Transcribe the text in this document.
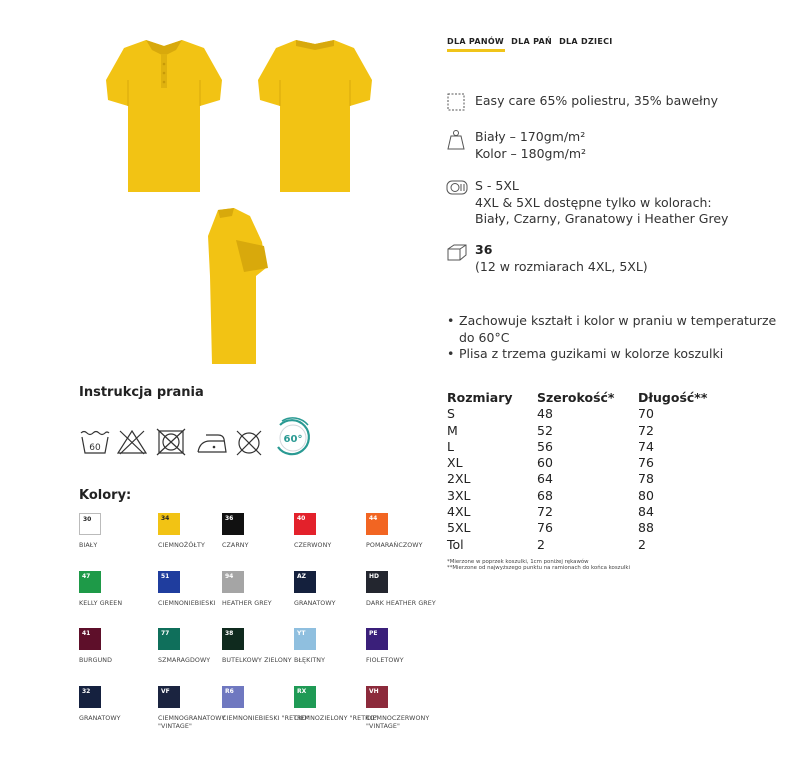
Instrukcja prania
60
60°
Kolory:
30
BIAŁY
34
CIEMNOŻÓŁTY
36
CZARNY
40
CZERWONY
44
POMARAŃCZOWY
47
KELLY GREEN
51
CIEMNONIEBIESKI
94
HEATHER GREY
AZ
GRANATOWY
HD
DARK HEATHER GREY
41
BURGUND
77
SZMARAGDOWY
38
BUTELKOWY ZIELONY
YT
BŁĘKITNY
PE
FIOLETOWY
32
GRANATOWY
VF
CIEMNOGRANATOWY "VINTAGE"
R6
CIEMNONIEBIESKI "RETRO"
RX
CIEMNOZIELONY "RETRO"
VH
CIEMNOCZERWONY "VINTAGE"
DLA PANÓW DLA PAŃ DLA DZIECI
Easy care 65% poliestru, 35% bawełny
Biały – 170gm/m²
Kolor – 180gm/m²
S - 5XL
4XL & 5XL dostępne tylko w kolorach:
Biały, Czarny, Granatowy i Heather Grey
36
(12 w rozmiarach 4XL, 5XL)
• Zachowuje kształt i kolor w praniu w temperaturze do 60°C
• Plisa z trzema guzikami w kolorze koszulki
Rozmiary Szerokość* Długość**
S	48	70
M	52	72
L	56	74
XL	60	76
2XL	64	78
3XL	68	80
4XL	72	84
5XL	76	88
Tol	2	2
*Mierzone w poprzek koszulki, 1cm poniżej rękawów
**Mierzone od najwyższego punktu na ramionach do końca koszulki
